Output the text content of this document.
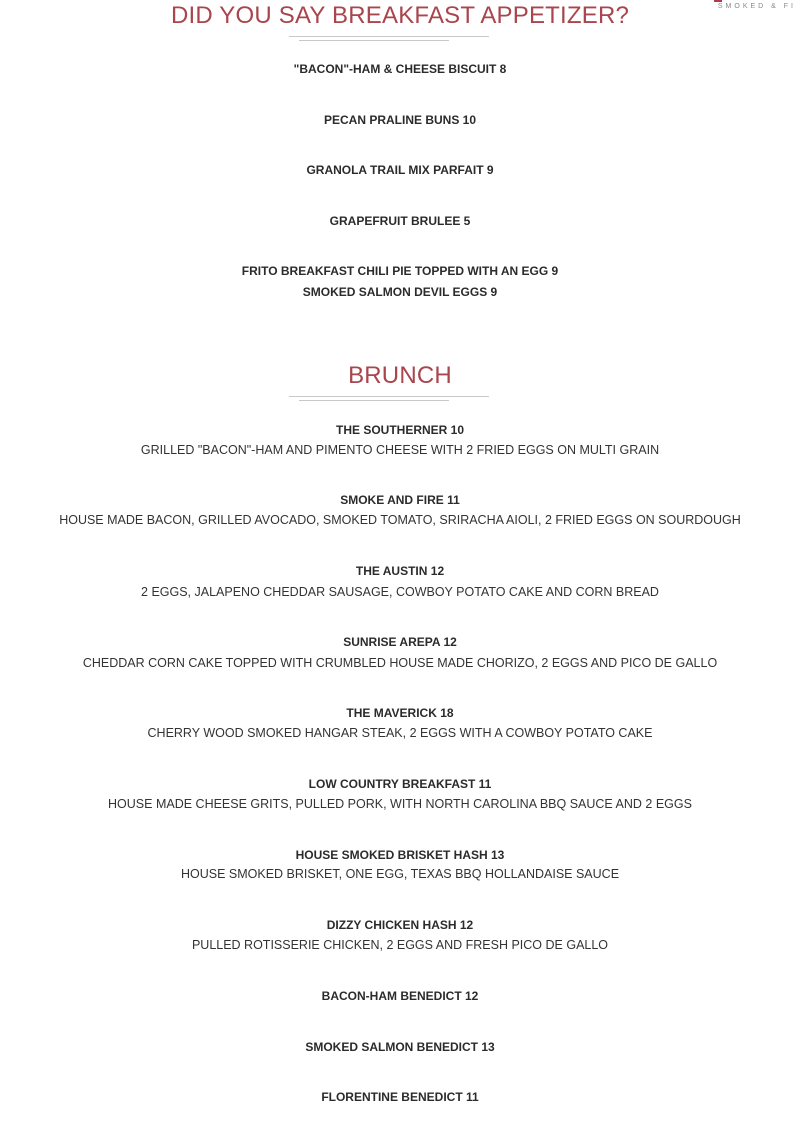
SMOKED & FI
DID YOU SAY BREAKFAST APPETIZER?
"BACON"-HAM & CHEESE BISCUIT 8
PECAN PRALINE BUNS 10
GRANOLA TRAIL MIX PARFAIT 9
GRAPEFRUIT BRULEE 5
FRITO BREAKFAST CHILI PIE TOPPED WITH AN EGG 9
SMOKED SALMON DEVIL EGGS 9
BRUNCH
THE SOUTHERNER 10
GRILLED "BACON"-HAM AND PIMENTO CHEESE WITH 2 FRIED EGGS ON MULTI GRAIN
SMOKE AND FIRE 11
HOUSE MADE BACON, GRILLED AVOCADO, SMOKED TOMATO, SRIRACHA AIOLI, 2 FRIED EGGS ON SOURDOUGH
THE AUSTIN 12
2 EGGS, JALAPENO CHEDDAR SAUSAGE, COWBOY POTATO CAKE AND CORN BREAD
SUNRISE AREPA 12
CHEDDAR CORN CAKE TOPPED WITH CRUMBLED HOUSE MADE CHORIZO, 2 EGGS AND PICO DE GALLO
THE MAVERICK 18
CHERRY WOOD SMOKED HANGAR STEAK, 2 EGGS WITH A COWBOY POTATO CAKE
LOW COUNTRY BREAKFAST 11
HOUSE MADE CHEESE GRITS, PULLED PORK, WITH NORTH CAROLINA BBQ SAUCE AND 2 EGGS
HOUSE SMOKED BRISKET HASH 13
HOUSE SMOKED BRISKET, ONE EGG, TEXAS BBQ HOLLANDAISE SAUCE
DIZZY CHICKEN HASH 12
PULLED ROTISSERIE CHICKEN, 2 EGGS AND FRESH PICO DE GALLO
BACON-HAM BENEDICT 12
SMOKED SALMON BENEDICT 13
FLORENTINE BENEDICT 11
